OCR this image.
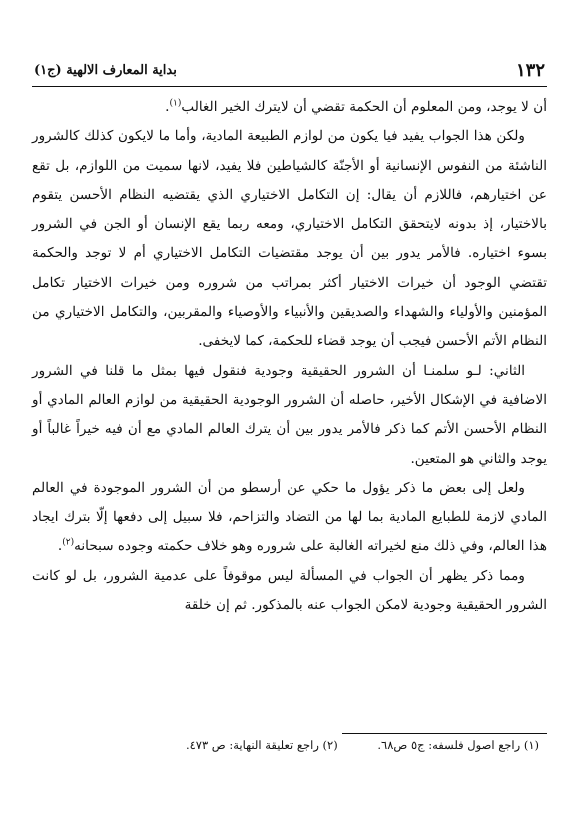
١٣٢
بداية المعارف الالهية (ج١)

أن لا يوجد، ومن المعلوم أن الحكمة تقضي أن لايترك الخير الغالب$^{(١)}$.

ولكن هذا الجواب يفيد فيا يكون من لوازم الطبيعة المادية، وأما ما لايكون كذلك كالشرور الناشئة من النفوس الإنسانية أو الأجنّة كالشياطين فلا يفيد، لانها سميت من اللوازم، بل تقع عن اختيارهم، فاللازم أن يقال: إن التكامل الاختياري الذي يقتضيه النظام الأحسن يتقوم بالاختيار، إذ بدونه لايتحقق التكامل الاختياري، ومعه ربما يقع الإنسان أو الجن في الشرور بسوء اختياره. فالأمر يدور بين أن يوجد مقتضيات التكامل الاختياري أم لا توجد والحكمة تقتضي الوجود أن خيرات الاختيار أكثر بمراتب من شروره ومن خيرات الاختيار تكامل المؤمنين والأولياء والشهداء والصديقين والأنبياء والأوصياء والمقربين، والتكامل الاختياري من النظام الأتم الأحسن فيجب أن يوجد قضاء للحكمة، كما لايخفى.

الثاني: لـو سلمنـا أن الشرور الحقيقية وجودية فنقول فيها بمثل ما قلنا في الشرور الاضافية في الإشكال الأخير، حاصله أن الشرور الوجودية الحقيقية من لوازم العالم المادي أو النظام الأحسن الأتم كما ذكر فالأمر يدور بين أن يترك العالم المادي مع أن فيه خيراً غالباً أو يوجد والثاني هو المتعين.

ولعل إلى بعض ما ذكر يؤول ما حكي عن أرسطو من أن الشرور الموجودة في العالم المادي لازمة للطبايع المادية بما لها من التضاد والتزاحم، فلا سبيل إلى دفعها إلّا بترك ايجاد هذا العالم، وفي ذلك منع لخيراته الغالبة على شروره وهو خلاف حكمته وجوده سبحانه$^{(٢)}$.

ومما ذكر يظهر أن الجواب في المسألة ليس موقوفاً على عدمية الشرور، بل لو كانت الشرور الحقيقية وجودية لامكن الجواب عنه بالمذكور. ثم إن خلقة

(١) راجع اصول فلسفه: ج٥ ص٦٨. (٢) راجع تعليقة النهاية: ص ٤٧٣.
